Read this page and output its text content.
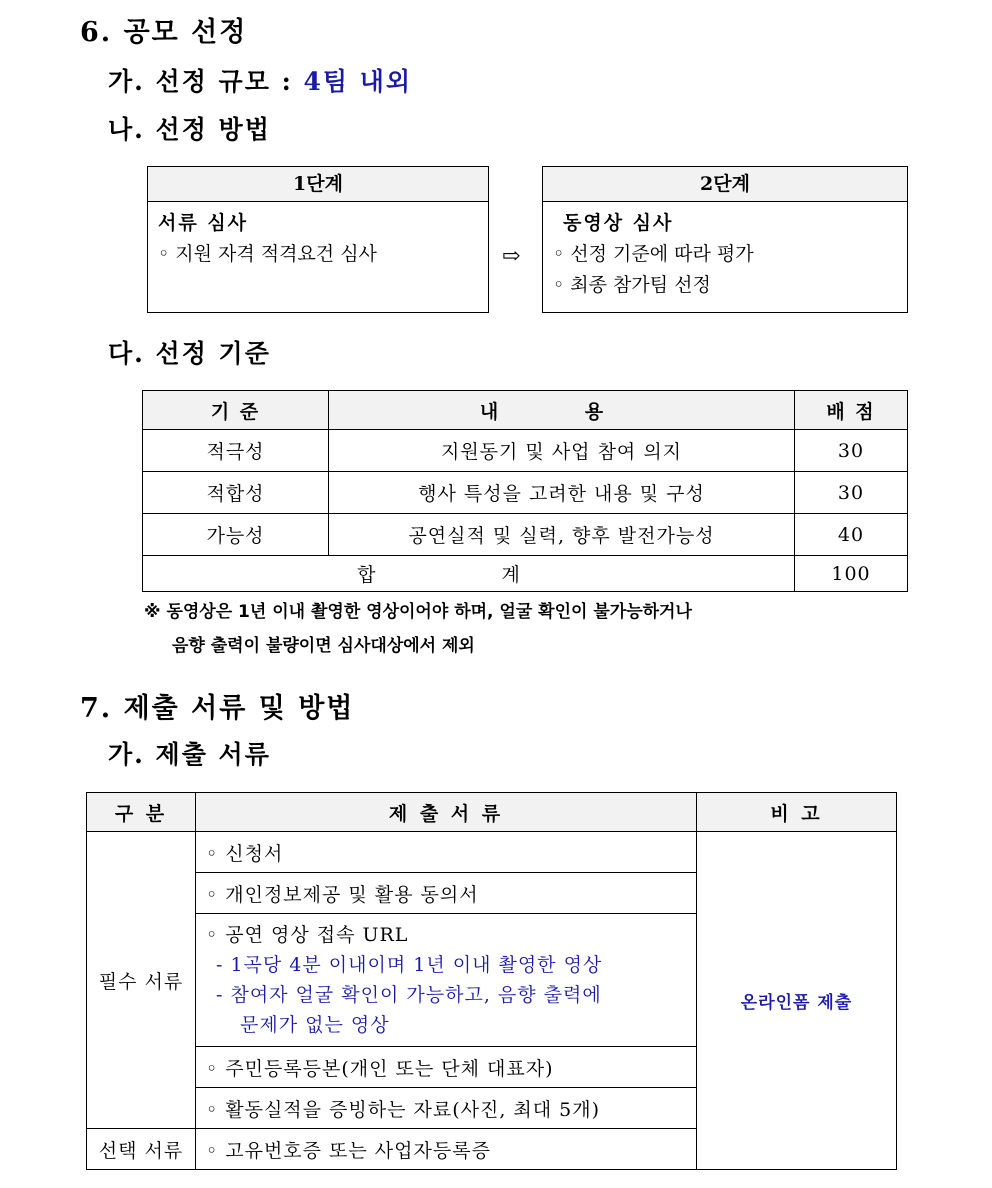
6. 공모 선정
가. 선정 규모 : 4팀 내외
나. 선정 방법
1단계
서류 심사
◦ 지원 자격 적격요건 심사	⇨
2단계
동영상 심사
◦ 선정 기준에 따라 평가
◦ 최종 참가팀 선정
다. 선정 기준
기 준	내 용	배 점
적극성	지원동기 및 사업 참여 의지	30
적합성	행사 특성을 고려한 내용 및 구성	30
가능성	공연실적 및 실력, 향후 발전가능성	40
합 계		100
※ 동영상은 1년 이내 촬영한 영상이어야 하며, 얼굴 확인이 불가능하거나
음향 출력이 불량이면 심사대상에서 제외
7. 제출 서류 및 방법
가. 제출 서류
구 분	제 출 서 류	비 고
필수 서류	◦ 신청서	온라인폼 제출
	◦ 개인정보제공 및 활용 동의서	

	◦ 공연 영상 접속 URL
- 1곡당 4분 이내이며 1년 이내 촬영한 영상
- 참여자 얼굴 확인이 가능하고, 음향 출력에
문제가 없는 영상	

	◦ 주민등록등본(개인 또는 단체 대표자)	
	◦ 활동실적을 증빙하는 자료(사진, 최대 5개)	
선택 서류	◦ 고유번호증 또는 사업자등록증	
